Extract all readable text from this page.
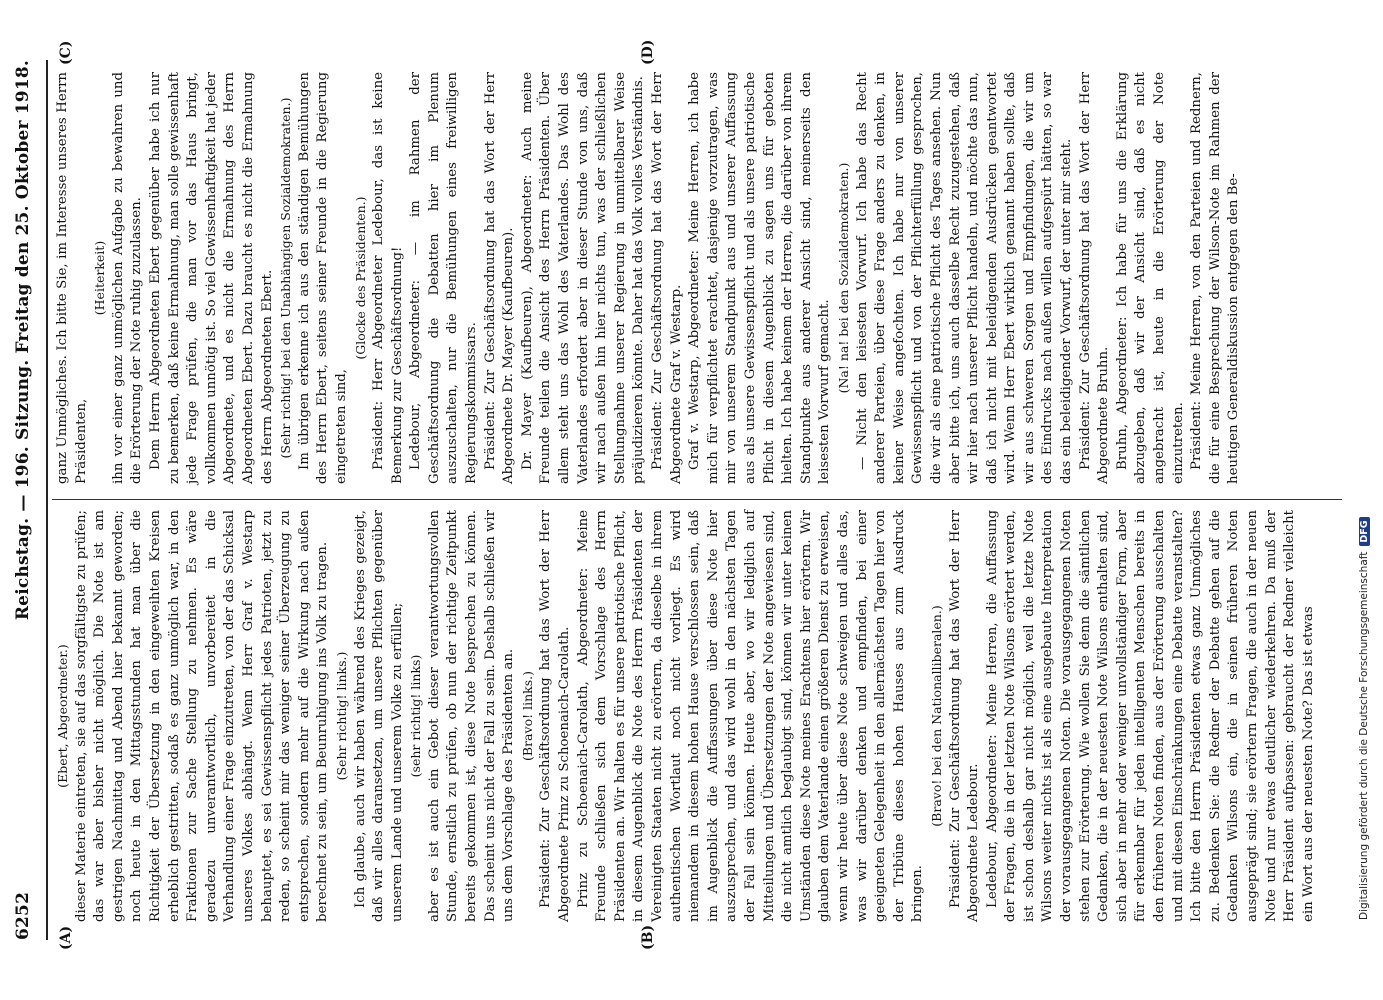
6252
Reichstag. — 196. Sitzung. Freitag den 25. Oktober 1918.
(A)	(B)
(C)	(D)

(Ebert, Abgeordneter.) dieser Materie eintreten, sie auf das sorgfältigste zu prüfen; das war aber bisher nicht möglich. Die Note ist am gestrigen Nachmittag und Abend hier bekannt geworden; noch heute in den Mittagsstunden hat man über die Richtigkeit der Übersetzung in den eingeweihten Kreisen erheblich gestritten, sodaß es ganz unmöglich war, in den Fraktionen zur Sache Stellung zu nehmen. Es wäre geradezu unverantwortlich, unvorbereitet in die Verhandlung einer Frage einzutreten, von der das Schicksal unseres Volkes abhängt. Wenn Herr Graf v. Westarp behauptet, es sei Gewissenspflicht jedes Patrioten, jetzt zu reden, so scheint mir das weniger seiner Überzeugung zu entsprechen, sondern mehr auf die Wirkung nach außen berechnet zu sein, um Beunruhigung ins Volk zu tragen. (Sehr richtig! links.) Ich glaube, auch wir haben während des Krieges gezeigt, daß wir alles daransetzen, um unsere Pflichten gegenüber unserem Lande und unserem Volke zu erfüllen; (sehr richtig! links) aber es ist auch ein Gebot dieser verantwortungsvollen Stunde, ernstlich zu prüfen, ob nun der richtige Zeitpunkt bereits gekommen ist, diese Note besprechen zu können. Das scheint uns nicht der Fall zu sein. Deshalb schließen wir uns dem Vorschlage des Präsidenten an. (Bravo! links.) Präsident: Zur Geschäftsordnung hat das Wort der Herr Abgeordnete Prinz zu Schoenaich-Carolath. Prinz zu Schoenaich-Carolath, Abgeordneter: Meine Freunde schließen sich dem Vorschlage des Herrn Präsidenten an. Wir halten es für unsere patriotische Pflicht, in diesem Augenblick die Note des Herrn Präsidenten der Vereinigten Staaten nicht zu erörtern, da dieselbe in ihrem authentischen Wortlaut noch nicht vorliegt. Es wird niemandem in diesem hohen Hause verschlossen sein, daß im Augenblick die Auffassungen über diese Note hier auszusprechen, und das wird wohl in den nächsten Tagen der Fall sein können. Heute aber, wo wir lediglich auf Mitteilungen und Übersetzungen der Note angewiesen sind, die nicht amtlich beglaubigt sind, können wir unter keinen Umständen diese Note meines Erachtens hier erörtern. Wir glauben dem Vaterlande einen größeren Dienst zu erweisen, wenn wir heute über diese Note schweigen und alles das, was wir darüber denken und empfinden, bei einer geeigneten Gelegenheit in den allernächsten Tagen hier von der Tribüne dieses hohen Hauses aus zum Ausdruck bringen.

(Bravo! bei den Nationalliberalen.) Präsident: Zur Geschäftsordnung hat das Wort der Herr Abgeordnete Ledebour. Ledebour, Abgeordneter: Meine Herren, die Auffassung der Fragen, die in der letzten Note Wilsons erörtert werden, ist schon deshalb gar nicht möglich, weil die letzte Note Wilsons weiter nichts ist als eine ausgebaute Interpretation der vorausgegangenen Noten. Die vorausgegangenen Noten stehen zur Erörterung. Wie wollen Sie denn die sämtlichen Gedanken, die in der neuesten Note Wilsons enthalten sind, sich aber in mehr oder weniger unvollständiger Form, aber für erkennbar für jeden intelligenten Menschen bereits in den früheren Noten finden, aus der Erörterung ausschalten und mit diesen Einschränkungen eine Debatte veranstalten? Ich bitte den Herrn Präsidenten etwas ganz Unmögliches zu. Bedenken Sie: die Redner der Debatte gehen auf die Gedanken Wilsons ein, die in seinen früheren Noten ausgeprägt sind; sie erörtern Fragen, die auch in der neuen Note und nur etwas deutlicher wiederkehren. Da muß der Herr Präsident aufpassen: gebraucht der Redner vielleicht ein Wort aus der neuesten Note? Das ist etwas

ganz Unmögliches. Ich bitte Sie, im Interesse unseres Herrn Präsidenten,

(Heiterkeit) ihn vor einer ganz unmöglichen Aufgabe zu bewahren und die Erörterung der Note ruhig zuzulassen. Dem Herrn Abgeordneten Ebert gegenüber habe ich nur zu bemerken, daß keine Ermahnung, man solle gewissenhaft jede Frage prüfen, die man vor das Haus bringt, vollkommen unnötig ist. So viel Gewissenhaftigkeit hat jeder Abgeordnete, und es nicht die Ermahnung des Herrn Abgeordneten Ebert. Dazu braucht es nicht die Ermahnung des Herrn Abgeordneten Ebert. (Sehr richtig! bei den Unabhängigen Sozialdemokraten.) Im übrigen erkenne ich aus den ständigen Bemühungen des Herrn Ebert, seitens seiner Freunde in die Regierung eingetreten sind,

(Glocke des Präsidenten.) Präsident: Herr Abgeordneter Ledebour, das ist keine Bemerkung zur Geschäftsordnung! Ledebour, Abgeordneter: — im Rahmen der Geschäftsordnung die Debatten hier im Plenum auszuschalten, nur die Bemühungen eines freiwilligen Regierungskommissars. Präsident: Zur Geschäftsordnung hat das Wort der Herr Abgeordnete Dr. Mayer (Kaufbeuren). Dr. Mayer (Kaufbeuren), Abgeordneter: Auch meine Freunde teilen die Ansicht des Herrn Präsidenten. Über allem steht uns das Wohl des Vaterlandes. Das Wohl des Vaterlandes erfordert aber in dieser Stunde von uns, daß wir nach außen hin hier nichts tun, was der schließlichen Stellungnahme unserer Regierung in unmittelbarer Weise präjudizieren könnte. Daher hat das Volk volles Verständnis. Präsident: Zur Geschäftsordnung hat das Wort der Herr Abgeordnete Graf v. Westarp. Graf v. Westarp, Abgeordneter: Meine Herren, ich habe mich für verpflichtet erachtet, dasjenige vorzutragen, was mir von unserem Standpunkt aus und unserer Auffassung aus als unsere Gewissenspflicht und als unsere patriotische Pflicht in diesem Augenblick zu sagen uns für geboten hielten. Ich habe keinem der Herren, die darüber von ihrem Standpunkte aus anderer Ansicht sind, meinerseits den leisesten Vorwurf gemacht. (Na! na! bei den Sozialdemokraten.) — Nicht den leisesten Vorwurf. Ich habe das Recht anderer Parteien, über diese Frage anders zu denken, in keiner Weise angefochten. Ich habe nur von unserer Gewissenspflicht und von der Pflichterfüllung gesprochen, die wir als eine patriotische Pflicht des Tages ansehen. Nun aber bitte ich, uns auch dasselbe Recht zuzugestehen, daß wir hier nach unserer Pflicht handeln, und möchte das nun, daß ich nicht mit beleidigenden Ausdrücken geantwortet wird. Wenn Herr Ebert wirklich genannt haben sollte, daß wir aus schweren Sorgen und Empfindungen, die wir um des Eindrucks nach außen willen aufgespürt hätten, so war das ein beleidigender Vorwurf, der unter mir steht. Präsident: Zur Geschäftsordnung hat das Wort der Herr Abgeordnete Bruhn. Bruhn, Abgeordneter: Ich habe für uns die Erklärung abzugeben, daß wir der Ansicht sind, daß es nicht angebracht ist, heute in die Erörterung der Note einzutreten. Präsident: Meine Herren, von den Parteien und Rednern, die für eine Besprechung der Wilson-Note im Rahmen der heutigen Generaldiskussion entgegen den Be-

Digitalisierung gefördert durch die Deutsche Forschungsgemeinschaft
DFG
